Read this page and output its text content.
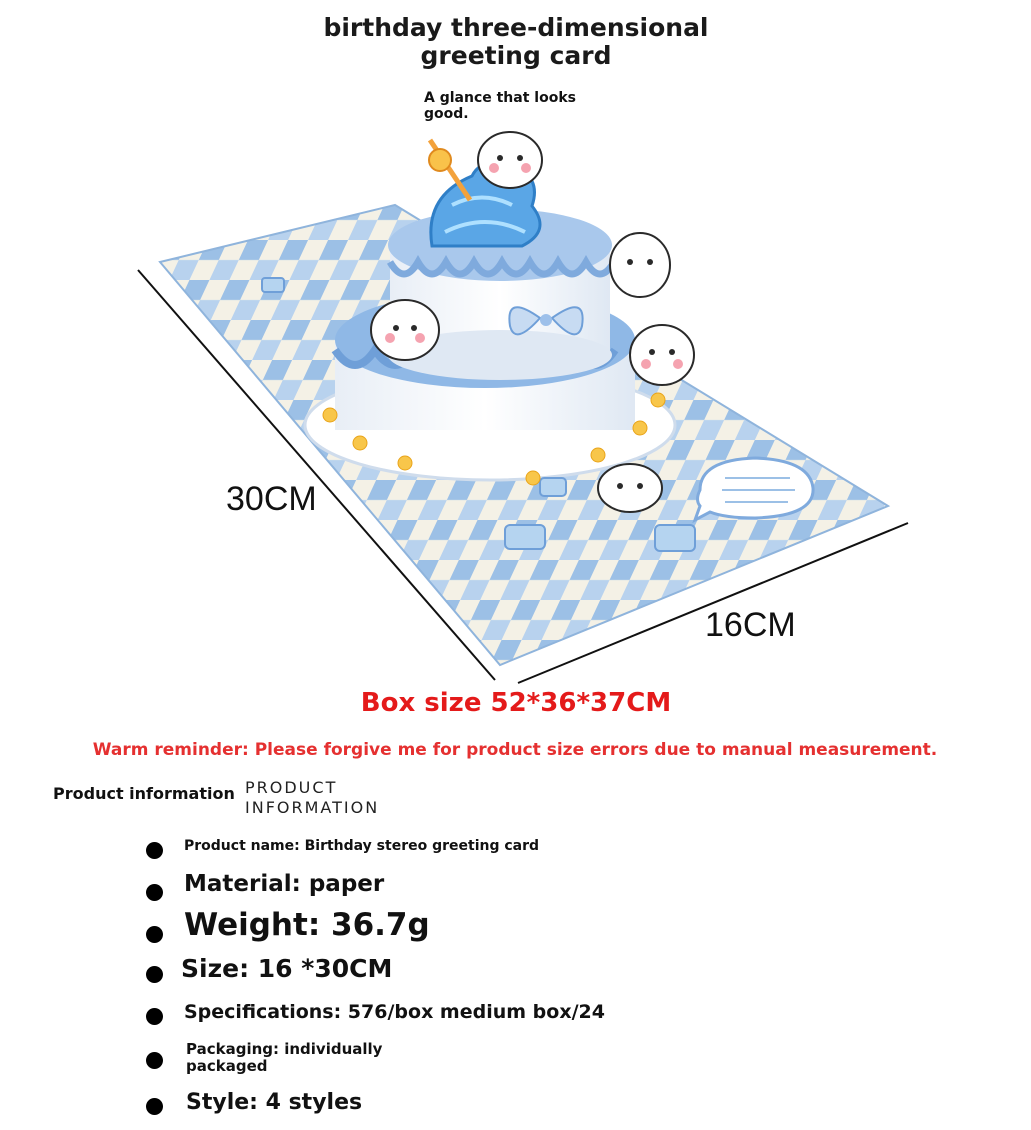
birthday three-dimensional greeting card
A glance that looks good.
30CM
16CM
Box size 52*36*37CM
Warm reminder: Please forgive me for product size errors due to manual measurement.
Product information PRODUCT INFORMATION
Product name: Birthday stereo greeting card
Material: paper
Weight: 36.7g
Size: 16 *30CM
Specifications: 576/box medium box/24
Packaging: individually packaged
Style: 4 styles
